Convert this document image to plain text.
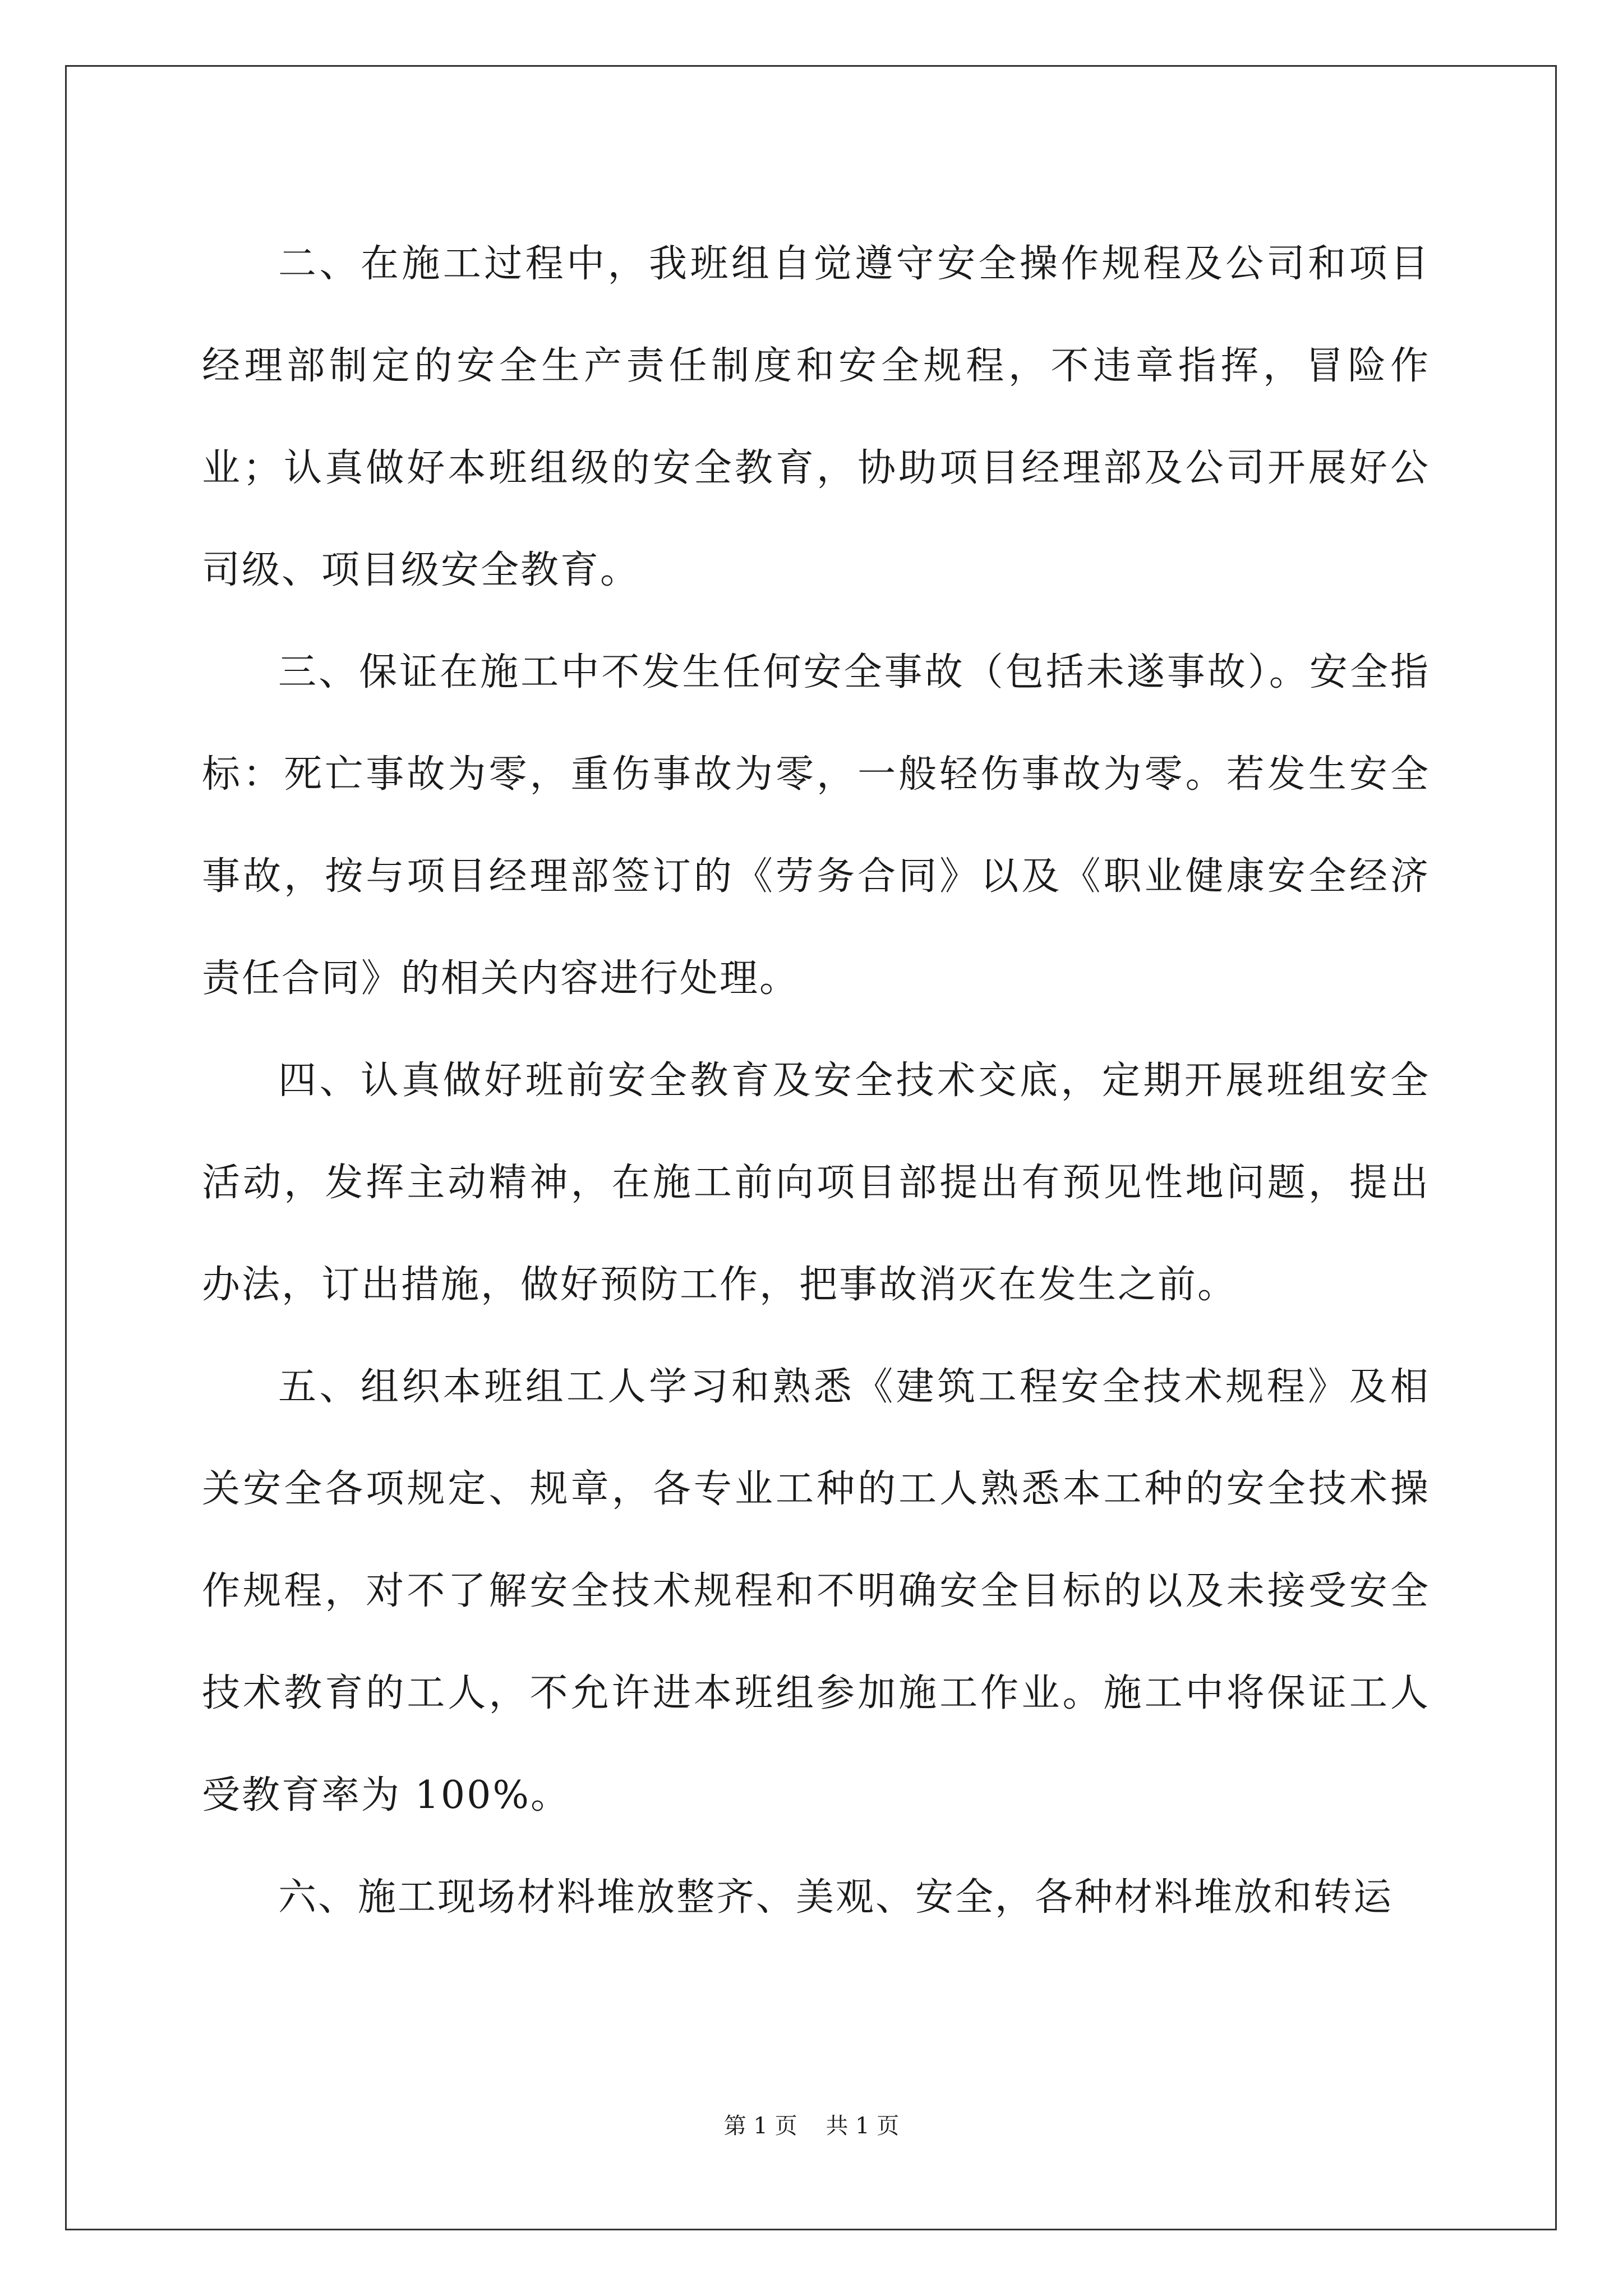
二、在施工过程中，我班组自觉遵守安全操作规程及公司和项目经理部制定的安全生产责任制度和安全规程，不违章指挥，冒险作业；认真做好本班组级的安全教育，协助项目经理部及公司开展好公司级、项目级安全教育。

三、保证在施工中不发生任何安全事故（包括未遂事故）。安全指标：死亡事故为零，重伤事故为零，一般轻伤事故为零。若发生安全事故，按与项目经理部签订的《劳务合同》以及《职业健康安全经济责任合同》的相关内容进行处理。

四、认真做好班前安全教育及安全技术交底，定期开展班组安全活动，发挥主动精神，在施工前向项目部提出有预见性地问题，提出办法，订出措施，做好预防工作，把事故消灭在发生之前。

五、组织本班组工人学习和熟悉《建筑工程安全技术规程》及相关安全各项规定、规章，各专业工种的工人熟悉本工种的安全技术操作规程，对不了解安全技术规程和不明确安全目标的以及未接受安全技术教育的工人，不允许进本班组参加施工作业。施工中将保证工人受教育率为 100%。

六、施工现场材料堆放整齐、美观、安全，各种材料堆放和转运

第 1 页    共 1 页
